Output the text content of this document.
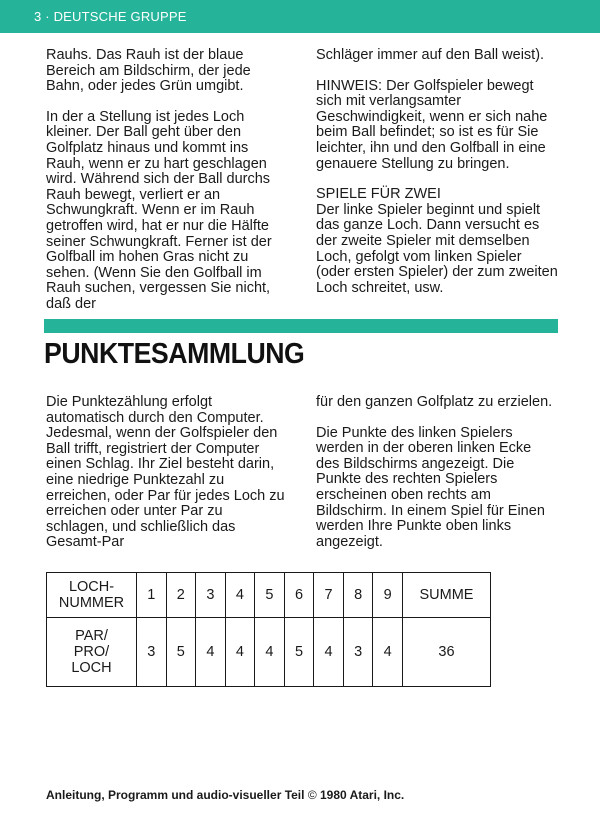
3 · DEUTSCHE GRUPPE

Rauhs. Das Rauh ist der blaue Bereich am Bildschirm, der jede Bahn, oder jedes Grün umgibt.

In der a Stellung ist jedes Loch kleiner. Der Ball geht über den Golfplatz hinaus und kommt ins Rauh, wenn er zu hart geschlagen wird. Während sich der Ball durchs Rauh bewegt, verliert er an Schwungkraft. Wenn er im Rauh getroffen wird, hat er nur die Hälfte seiner Schwungkraft. Ferner ist der Golfball im hohen Gras nicht zu sehen. (Wenn Sie den Golfball im Rauh suchen, vergessen Sie nicht, daß der

Schläger immer auf den Ball weist).

HINWEIS: Der Golfspieler bewegt sich mit verlangsamter Geschwindigkeit, wenn er sich nahe beim Ball befindet; so ist es für Sie leichter, ihn und den Golfball in eine genauere Stellung zu bringen.

SPIELE FÜR ZWEI

Der linke Spieler beginnt und spielt das ganze Loch. Dann versucht es der zweite Spieler mit demselben Loch, gefolgt vom linken Spieler (oder ersten Spieler) der zum zweiten Loch schreitet, usw.

PUNKTESAMMLUNG

Die Punktezählung erfolgt automatisch durch den Computer. Jedesmal, wenn der Golfspieler den Ball trifft, registriert der Computer einen Schlag. Ihr Ziel besteht darin, eine niedrige Punktezahl zu erreichen, oder Par für jedes Loch zu erreichen oder unter Par zu schlagen, und schließlich das Gesamt-Par

für den ganzen Golfplatz zu erzielen.

Die Punkte des linken Spielers werden in der oberen linken Ecke des Bildschirms angezeigt. Die Punkte des rechten Spielers erscheinen oben rechts am Bildschirm. In einem Spiel für Einen werden Ihre Punkte oben links angezeigt.

LOCH-
NUMMER	1	2	3	4	5	6	7	8	9	SUMME
PAR/
PRO/
LOCH	3	5	4	4	4	5	4	3	4	36
Anleitung, Programm und audio-visueller Teil © 1980 Atari, Inc.
